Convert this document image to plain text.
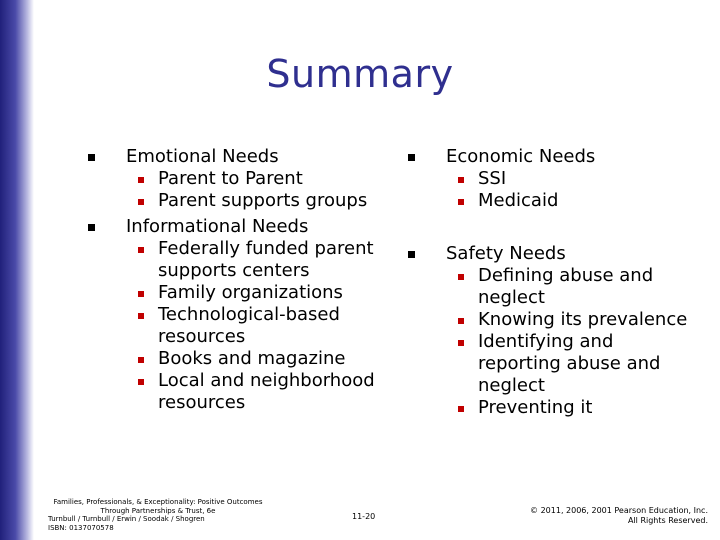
Summary
Emotional Needs
Parent to Parent
Parent supports groups
Informational Needs
Federally funded parent supports centers
Family organizations
Technological-based resources
Books and magazine
Local and neighborhood resources
Economic Needs
SSI
Medicaid
Safety Needs
Defining abuse and neglect
Knowing its prevalence
Identifying and reporting abuse and neglect
Preventing it
Families, Professionals, & Exceptionality: Positive Outcomes
Through Partnerships & Trust, 6e
Turnbull / Turnbull / Erwin / Soodak / Shogren
ISBN: 0137070578
11-20
© 2011, 2006, 2001 Pearson Education, Inc.
All Rights Reserved.
